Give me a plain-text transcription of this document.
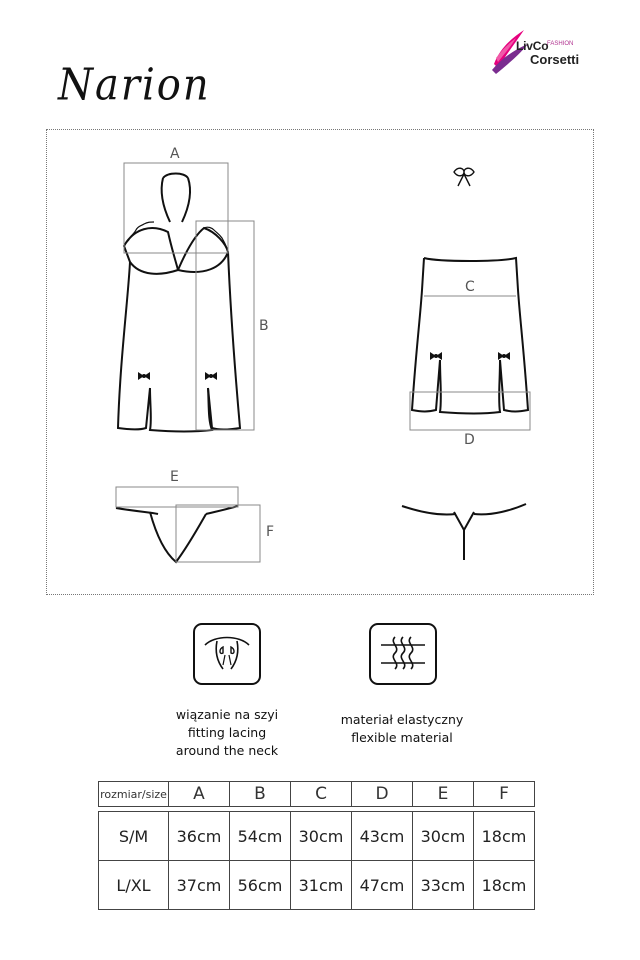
LivCo
FASHION
Corsetti
Narion
A
B
C
D
E
F
wiązanie na szyi
fitting lacing
around the neck
materiał elastyczny
flexible material
rozmiar/size	A	B	C	D	E	F

S/M	36cm	54cm	30cm	43cm	30cm	18cm
L/XL	37cm	56cm	31cm	47cm	33cm	18cm
